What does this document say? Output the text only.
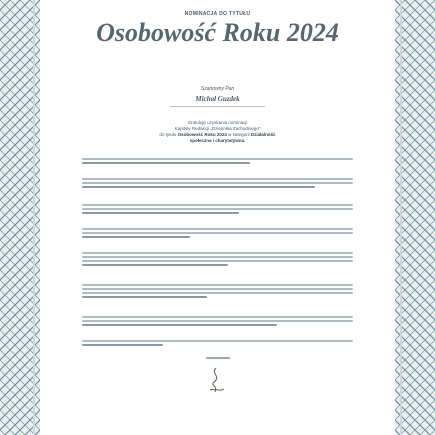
NOMINACJA DO TYTUŁU
Osobowość Roku 2024
Szanowny Pan
Michał Guzdek
Gratuluję uzyskania nominacji
Kapituły Redakcji „Dziennika Zachodniego”
do tytułu Osobowość Roku 2024 w kategorii Działalność
społeczna i charytatywna.
